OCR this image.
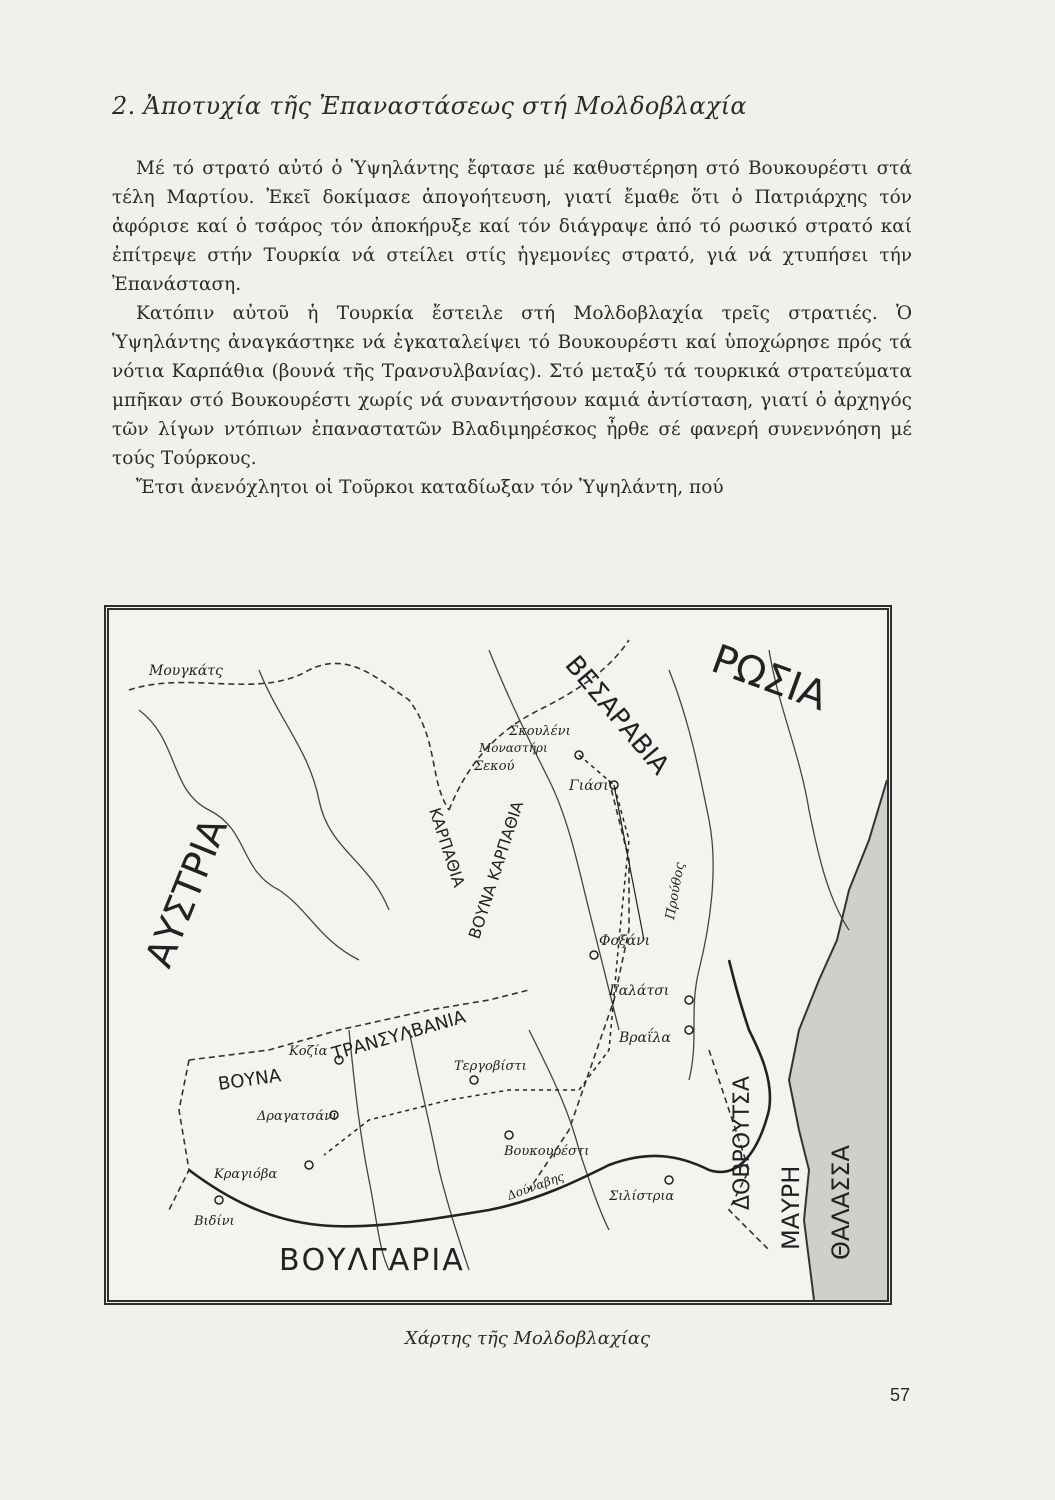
2. Ἀποτυχία τῆς Ἐπαναστάσεως στή Μολδοβλαχία

Μέ τό στρατό αὐτό ὁ Ὑψηλάντης ἔφτασε μέ καθυστέρηση στό Βουκουρέστι στά τέλη Μαρτίου. Ἐκεῖ δοκίμασε ἀπογοήτευση, γιατί ἔμαθε ὅτι ὁ Πατριάρχης τόν ἀφόρισε καί ὁ τσάρος τόν ἀποκήρυξε καί τόν διάγραψε ἀπό τό ρωσικό στρατό καί ἐπίτρεψε στήν Τουρκία νά στείλει στίς ἡγεμονίες στρατό, γιά νά χτυπήσει τήν Ἐπανάσταση.

Κατόπιν αὐτοῦ ἡ Τουρκία ἔστειλε στή Μολδοβλαχία τρεῖς στρατιές. Ὁ Ὑψηλάντης ἀναγκάστηκε νά ἐγκαταλείψει τό Βουκουρέστι καί ὑποχώρησε πρός τά νότια Καρπάθια (βουνά τῆς Τρανσυλβανίας). Στό μεταξύ τά τουρκικά στρατεύματα μπῆκαν στό Βουκουρέστι χωρίς νά συναντήσουν καμιά ἀντίσταση, γιατί ὁ ἀρχηγός τῶν λίγων ντόπιων ἐπαναστατῶν Βλαδιμηρέσκος ἦρθε σέ φανερή συνεννόηση μέ τούς Τούρκους.

Ἔτσι ἀνενόχλητοι οἱ Τοῦρκοι καταδίωξαν τόν Ὑψηλάντη, πού

ΡΩΣΙΑ
ΒΕΣΑΡΑΒΙΑ
ΑΥΣΤΡΙΑ	ΚΑΡΠΑΘΙΑ
ΒΟΥΝΑ ΚΑΡΠΑΘΙΑ
ΤΡΑΝΣΥΛΒΑΝΙΑ
ΒΟΥΝΑ	ΔΟΒΡΟΥΤΣΑ ΜΑΥΡΗ ΘΑΛΑΣΣΑ
ΒΟΥΛΓΑΡΙΑ
Μουγκάτς
Σκουλένι
Μοναστήρι
Σεκού
Γιάσι
Προύθος
Φοξάνι
Γαλάτσι
Βραΐλα
Τεργοβίστι
Κοζία
Δραγατσάνι
Κραγιόβα
Βιδίνι
Βουκουρέστι
Δούναβης	Σιλίστρια
Χάρτης τῆς Μολδοβλαχίας
57
